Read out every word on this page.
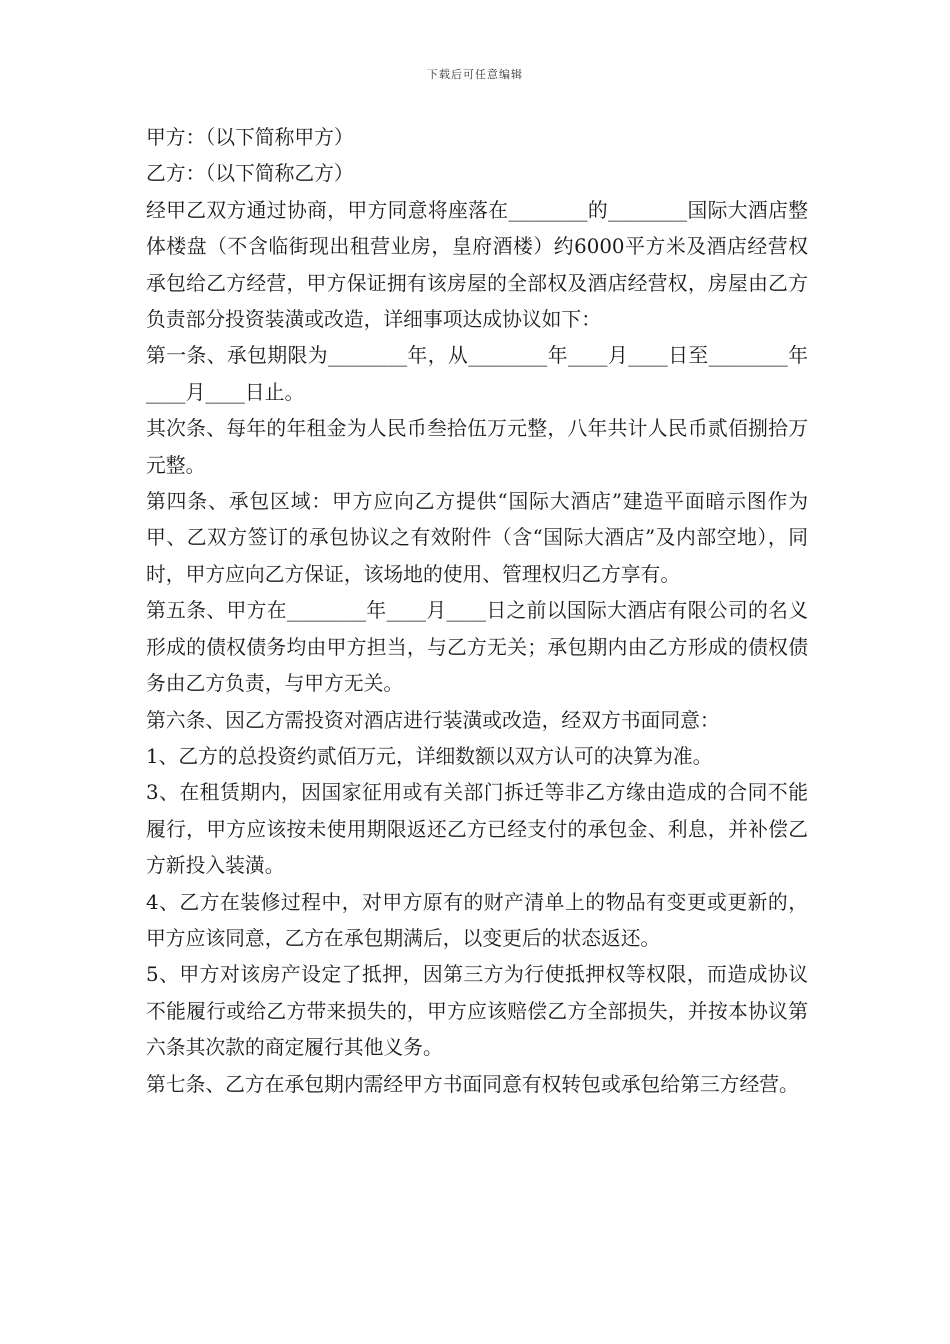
下载后可任意编辑

甲方：（以下简称甲方）

乙方：（以下简称乙方）

经甲乙双方通过协商，甲方同意将座落在________的________国际大酒店整体楼盘（不含临街现出租营业房，皇府酒楼）约6000平方米及酒店经营权承包给乙方经营，甲方保证拥有该房屋的全部权及酒店经营权，房屋由乙方负责部分投资装潢或改造，详细事项达成协议如下：

第一条、承包期限为________年，从________年____月____日至________年____月____日止。

其次条、每年的年租金为人民币叁拾伍万元整，八年共计人民币贰佰捌拾万元整。

第四条、承包区域：甲方应向乙方提供“国际大酒店”建造平面暗示图作为甲、乙双方签订的承包协议之有效附件（含“国际大酒店”及内部空地），同时，甲方应向乙方保证，该场地的使用、管理权归乙方享有。

第五条、甲方在________年____月____日之前以国际大酒店有限公司的名义形成的债权债务均由甲方担当，与乙方无关；承包期内由乙方形成的债权债务由乙方负责，与甲方无关。

第六条、因乙方需投资对酒店进行装潢或改造，经双方书面同意：

1、乙方的总投资约贰佰万元，详细数额以双方认可的决算为准。

3、在租赁期内，因国家征用或有关部门拆迁等非乙方缘由造成的合同不能履行，甲方应该按未使用期限返还乙方已经支付的承包金、利息，并补偿乙方新投入装潢。

4、乙方在装修过程中，对甲方原有的财产清单上的物品有变更或更新的，甲方应该同意，乙方在承包期满后，以变更后的状态返还。

5、甲方对该房产设定了抵押，因第三方为行使抵押权等权限，而造成协议不能履行或给乙方带来损失的，甲方应该赔偿乙方全部损失，并按本协议第六条其次款的商定履行其他义务。

第七条、乙方在承包期内需经甲方书面同意有权转包或承包给第三方经营。
